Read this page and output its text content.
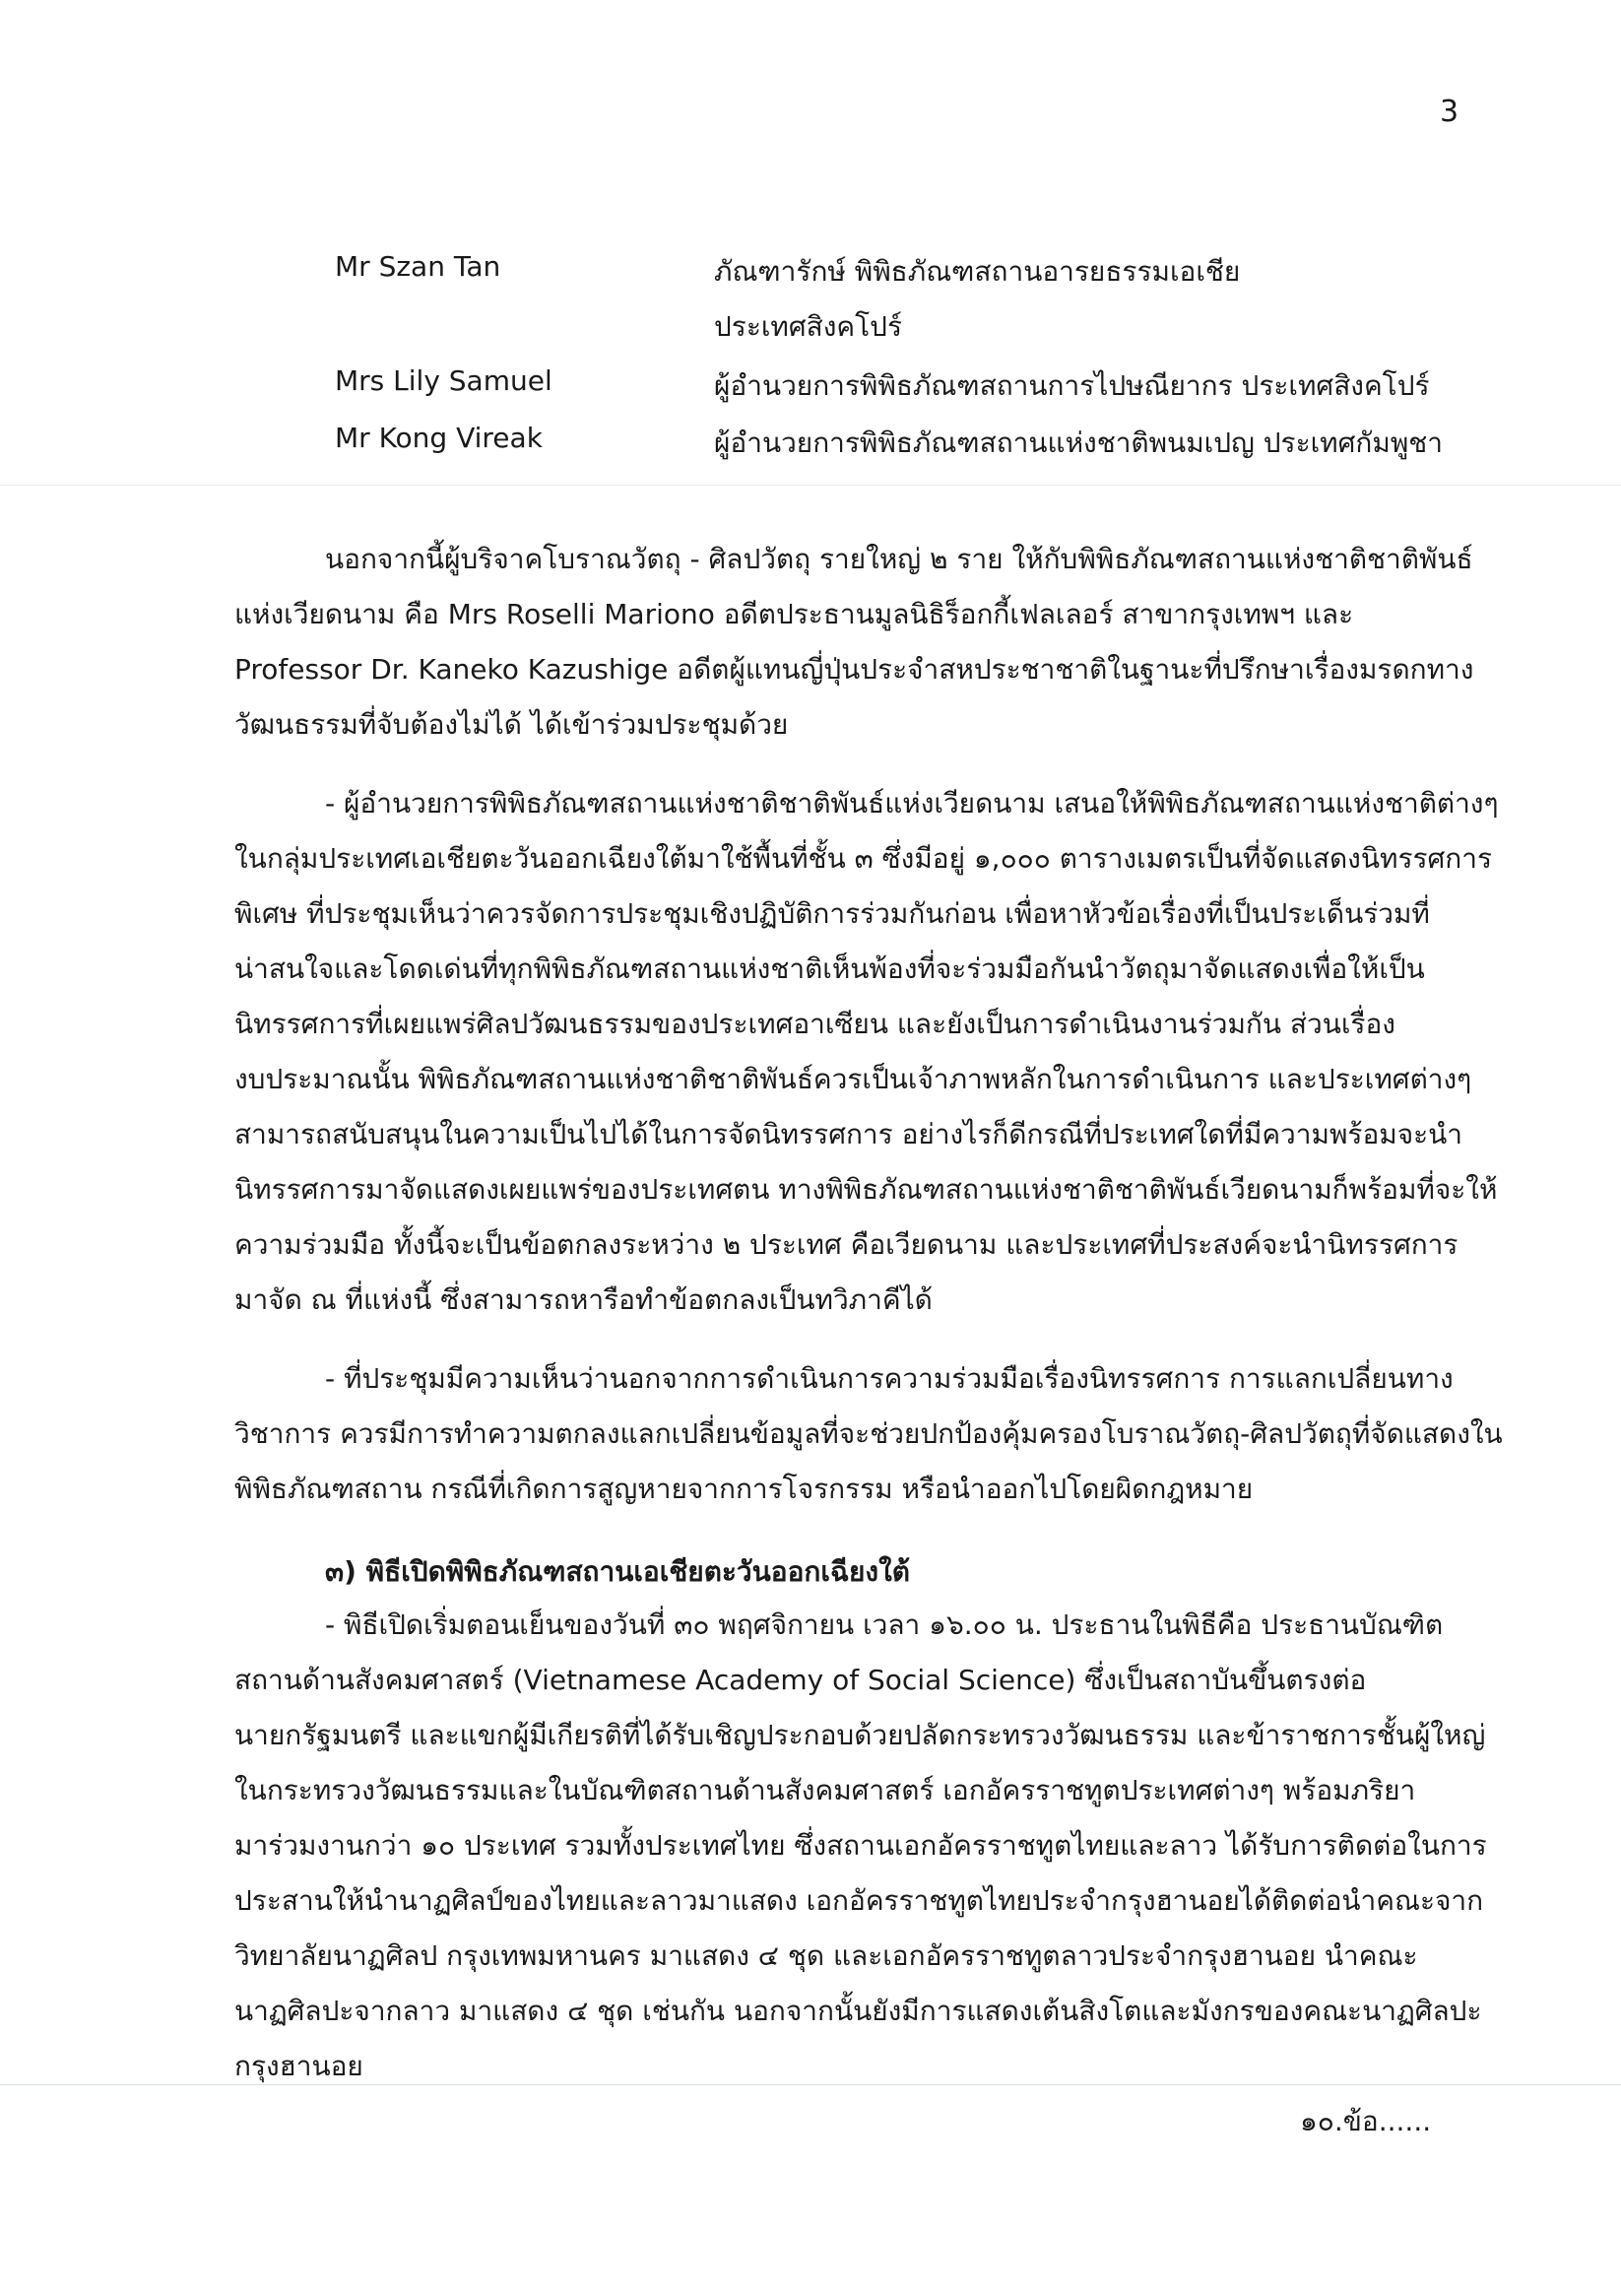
3
Mr Szan Tan	ภัณฑารักษ์ พิพิธภัณฑสถานอารยธรรมเอเชีย
ประเทศสิงคโปร์
Mrs Lily Samuel	ผู้อำนวยการพิพิธภัณฑสถานการไปษณียากร ประเทศสิงคโปร์
Mr Kong Vireak	ผู้อำนวยการพิพิธภัณฑสถานแห่งชาติพนมเปญ ประเทศกัมพูชา
นอกจากนี้ผู้บริจาคโบราณวัตถุ - ศิลปวัตถุ รายใหญ่ ๒ ราย ให้กับพิพิธภัณฑสถานแห่งชาติชาติพันธ์
แห่งเวียดนาม คือ Mrs Roselli Mariono อดีตประธานมูลนิธิร็อกกี้เฟลเลอร์ สาขากรุงเทพฯ และ
Professor Dr. Kaneko Kazushige อดีตผู้แทนญี่ปุ่นประจำสหประชาชาติในฐานะที่ปรึกษาเรื่องมรดกทาง
วัฒนธรรมที่จับต้องไม่ได้ ได้เข้าร่วมประชุมด้วย
- ผู้อำนวยการพิพิธภัณฑสถานแห่งชาติชาติพันธ์แห่งเวียดนาม เสนอให้พิพิธภัณฑสถานแห่งชาติต่างๆ
ในกลุ่มประเทศเอเชียตะวันออกเฉียงใต้มาใช้พื้นที่ชั้น ๓ ซึ่งมีอยู่ ๑,๐๐๐ ตารางเมตรเป็นที่จัดแสดงนิทรรศการ
พิเศษ ที่ประชุมเห็นว่าควรจัดการประชุมเชิงปฏิบัติการร่วมกันก่อน เพื่อหาหัวข้อเรื่องที่เป็นประเด็นร่วมที่
น่าสนใจและโดดเด่นที่ทุกพิพิธภัณฑสถานแห่งชาติเห็นพ้องที่จะร่วมมือกันนำวัตถุมาจัดแสดงเพื่อให้เป็น
นิทรรศการที่เผยแพร่ศิลปวัฒนธรรมของประเทศอาเซียน และยังเป็นการดำเนินงานร่วมกัน ส่วนเรื่อง
งบประมาณนั้น พิพิธภัณฑสถานแห่งชาติชาติพันธ์ควรเป็นเจ้าภาพหลักในการดำเนินการ และประเทศต่างๆ
สามารถสนับสนุนในความเป็นไปได้ในการจัดนิทรรศการ อย่างไรก็ดีกรณีที่ประเทศใดที่มีความพร้อมจะนำ
นิทรรศการมาจัดแสดงเผยแพร่ของประเทศตน ทางพิพิธภัณฑสถานแห่งชาติชาติพันธ์เวียดนามก็พร้อมที่จะให้
ความร่วมมือ ทั้งนี้จะเป็นข้อตกลงระหว่าง ๒ ประเทศ คือเวียดนาม และประเทศที่ประสงค์จะนำนิทรรศการ
มาจัด ณ ที่แห่งนี้ ซึ่งสามารถหารือทำข้อตกลงเป็นทวิภาคีได้
- ที่ประชุมมีความเห็นว่านอกจากการดำเนินการความร่วมมือเรื่องนิทรรศการ การแลกเปลี่ยนทาง
วิชาการ ควรมีการทำความตกลงแลกเปลี่ยนข้อมูลที่จะช่วยปกป้องคุ้มครองโบราณวัตถุ-ศิลปวัตถุที่จัดแสดงใน
พิพิธภัณฑสถาน กรณีที่เกิดการสูญหายจากการโจรกรรม หรือนำออกไปโดยผิดกฎหมาย
๓) พิธีเปิดพิพิธภัณฑสถานเอเชียตะวันออกเฉียงใต้
- พิธีเปิดเริ่มตอนเย็นของวันที่ ๓๐ พฤศจิกายน เวลา ๑๖.๐๐ น. ประธานในพิธีคือ ประธานบัณฑิต
สถานด้านสังคมศาสตร์ (Vietnamese Academy of Social Science) ซึ่งเป็นสถาบันขึ้นตรงต่อ
นายกรัฐมนตรี และแขกผู้มีเกียรติที่ได้รับเชิญประกอบด้วยปลัดกระทรวงวัฒนธรรม และข้าราชการชั้นผู้ใหญ่
ในกระทรวงวัฒนธรรมและในบัณฑิตสถานด้านสังคมศาสตร์ เอกอัครราชทูตประเทศต่างๆ พร้อมภริยา
มาร่วมงานกว่า ๑๐ ประเทศ รวมทั้งประเทศไทย ซึ่งสถานเอกอัครราชทูตไทยและลาว ได้รับการติดต่อในการ
ประสานให้นำนาฏศิลป์ของไทยและลาวมาแสดง เอกอัครราชทูตไทยประจำกรุงฮานอยได้ติดต่อนำคณะจาก
วิทยาลัยนาฏศิลป กรุงเทพมหานคร มาแสดง ๔ ชุด และเอกอัครราชทูตลาวประจำกรุงฮานอย นำคณะ
นาฏศิลปะจากลาว มาแสดง ๔ ชุด เช่นกัน นอกจากนั้นยังมีการแสดงเต้นสิงโตและมังกรของคณะนาฏศิลปะ
กรุงฮานอย
๑๐.ข้อ......
